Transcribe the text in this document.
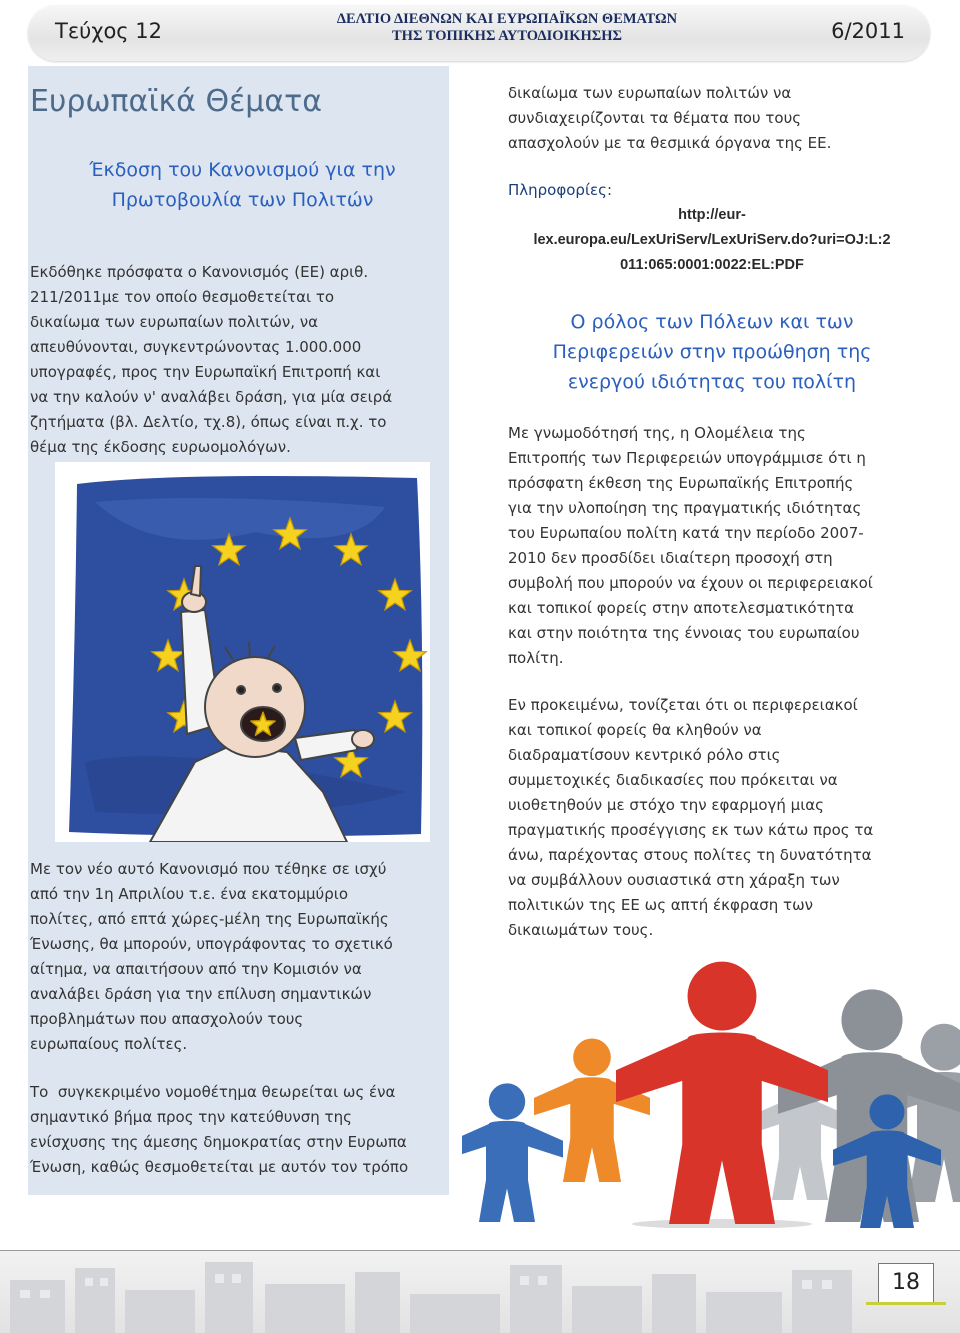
Τεύχος 12	ΔΕΛΤΙΟ ΔΙΕΘΝΩΝ ΚΑΙ ΕΥΡΩΠΑΪΚΩΝ ΘΕΜΑΤΩΝ
ΤΗΣ ΤΟΠΙΚΗΣ ΑΥΤΟΔΙΟΙΚΗΣΗΣ	6/2011
Ευρωπαϊκά Θέματα
Έκδοση του Κανονισμού για την
Πρωτοβουλία των Πολιτών
Εκδόθηκε πρόσφατα ο Κανονισμός (ΕΕ) αριθ.
211/2011με τον οποίο θεσμοθετείται το
δικαίωμα των ευρωπαίων πολιτών, να
απευθύνονται, συγκεντρώνοντας 1.000.000
υπογραφές, προς την Ευρωπαϊκή Επιτροπή και
να την καλούν ν' αναλάβει δράση, για μία σειρά
ζητήματα (βλ. Δελτίο, τχ.8), όπως είναι π.χ. το
θέμα της έκδοσης ευρωομολόγων.
Με τον νέο αυτό Κανονισμό που τέθηκε σε ισχύ
από την 1η Απριλίου τ.ε. ένα εκατομμύριο
πολίτες, από επτά χώρες-μέλη της Ευρωπαϊκής
Ένωσης, θα μπορούν, υπογράφοντας το σχετικό
αίτημα, να απαιτήσουν από την Κομισιόν να
αναλάβει δράση για την επίλυση σημαντικών
προβλημάτων που απασχολούν τους
ευρωπαίους πολίτες.
Το  συγκεκριμένο νομοθέτημα θεωρείται ως ένα
σημαντικό βήμα προς την κατεύθυνση της
ενίσχυσης της άμεσης δημοκρατίας στην Ευρωπα
Ένωση, καθώς θεσμοθετείται με αυτόν τον τρόπο
δικαίωμα των ευρωπαίων πολιτών να
συνδιαχειρίζονται τα θέματα που τους
απασχολούν με τα θεσμικά όργανα της ΕΕ.
Πληροφορίες:
http://eur-
lex.europa.eu/LexUriServ/LexUriServ.do?uri=OJ:L:2
011:065:0001:0022:EL:PDF
Ο ρόλος των Πόλεων και των
Περιφερειών στην προώθηση της
ενεργού ιδιότητας του πολίτη
Με γνωμοδότησή της, η Ολομέλεια της
Επιτροπής των Περιφερειών υπογράμμισε ότι η
πρόσφατη έκθεση της Ευρωπαϊκής Επιτροπής
για την υλοποίηση της πραγματικής ιδιότητας
του Ευρωπαίου πολίτη κατά την περίοδο 2007-
2010 δεν προσδίδει ιδιαίτερη προσοχή στη
συμβολή που μπορούν να έχουν οι περιφερειακοί
και τοπικοί φορείς στην αποτελεσματικότητα
και στην ποιότητα της έννοιας του ευρωπαίου
πολίτη.
Εν προκειμένω, τονίζεται ότι οι περιφερειακοί
και τοπικοί φορείς θα κληθούν να
διαδραματίσουν κεντρικό ρόλο στις
συμμετοχικές διαδικασίες που πρόκειται να
υιοθετηθούν με στόχο την εφαρμογή μιας
πραγματικής προσέγγισης εκ των κάτω προς τα
άνω, παρέχοντας στους πολίτες τη δυνατότητα
να συμβάλλουν ουσιαστικά στη χάραξη των
πολιτικών της ΕΕ ως απτή έκφραση των
δικαιωμάτων τους.
18
